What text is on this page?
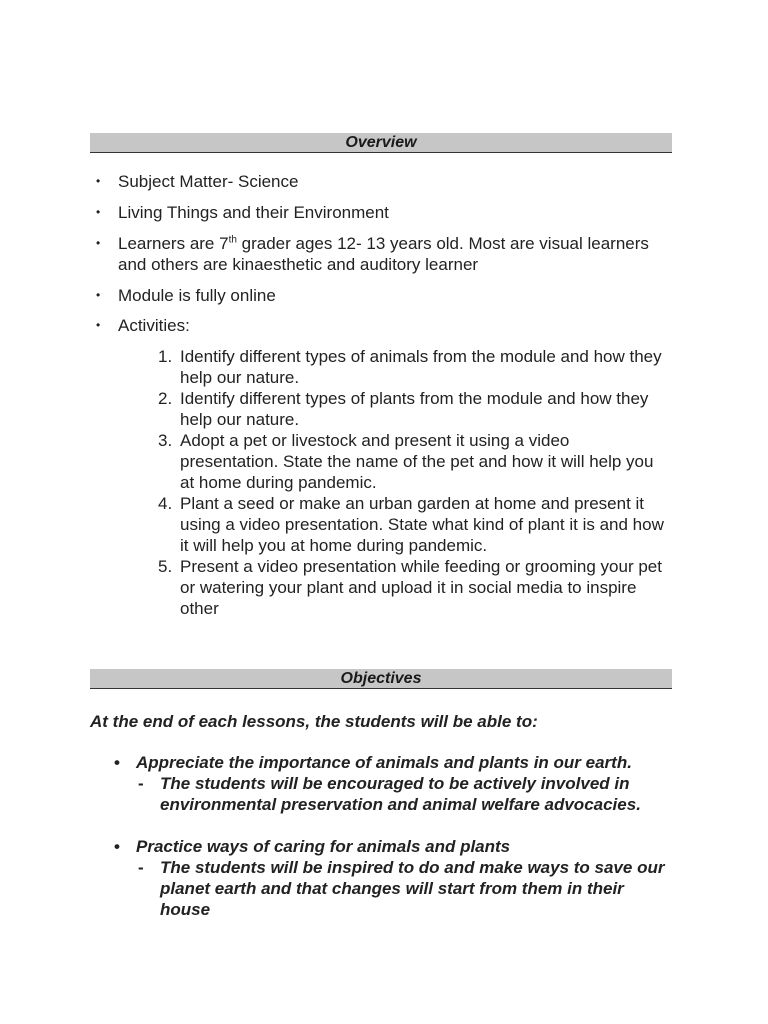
Overview
• Subject Matter- Science
• Living Things and their Environment
• Learners are 7th grader ages 12- 13 years old. Most are visual learners and others are kinaesthetic and auditory learner
• Module is fully online
• Activities:
1. Identify different types of animals from the module and how they help our nature.
2. Identify different types of plants from the module and how they help our nature.
3. Adopt a pet or livestock and present it using a video presentation. State the name of the pet and how it will help you at home during pandemic.
4. Plant a seed or make an urban garden at home and present it using a video presentation. State what kind of plant it is and how it will help you at home during pandemic.
5. Present a video presentation while feeding or grooming your pet or watering your plant and upload it in social media to inspire other
Objectives
At the end of each lessons, the students will be able to:
• Appreciate the importance of animals and plants in our earth.
- The students will be encouraged to be actively involved in environmental preservation and animal welfare advocacies.
• Practice ways of caring for animals and plants
- The students will be inspired to do and make ways to save our planet earth and that changes will start from them in their house
